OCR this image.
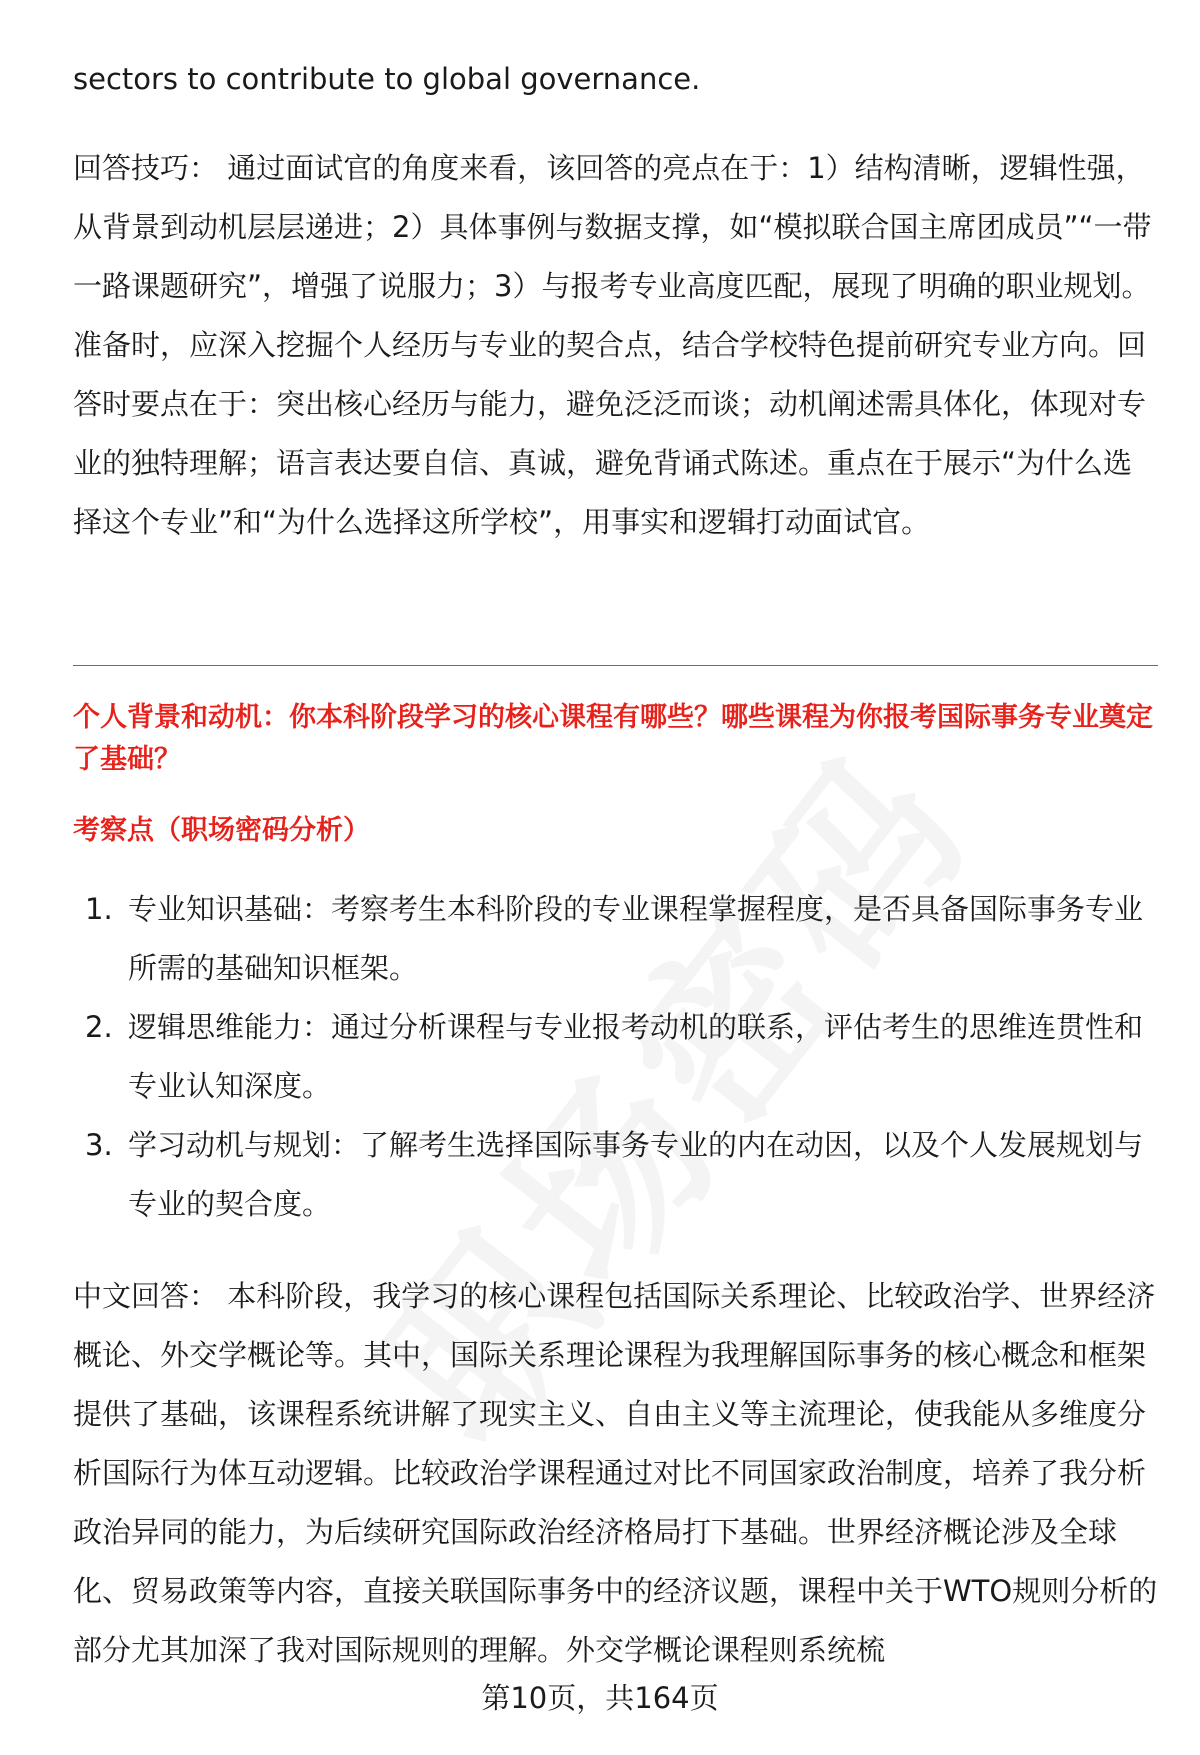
sectors to contribute to global governance.

回答技巧： 通过面试官的角度来看，该回答的亮点在于：1）结构清晰，逻辑性强，从背景到动机层层递进；2）具体事例与数据支撑，如“模拟联合国主席团成员”“一带一路课题研究”，增强了说服力；3）与报考专业高度匹配，展现了明确的职业规划。

准备时，应深入挖掘个人经历与专业的契合点，结合学校特色提前研究专业方向。回答时要点在于：突出核心经历与能力，避免泛泛而谈；动机阐述需具体化，体现对专业的独特理解；语言表达要自信、真诚，避免背诵式陈述。重点在于展示“为什么选择这个专业”和“为什么选择这所学校”，用事实和逻辑打动面试官。

个人背景和动机：你本科阶段学习的核心课程有哪些？哪些课程为你报考国际事务专业奠定了基础？

考察点（职场密码分析）

1. 专业知识基础：考察考生本科阶段的专业课程掌握程度，是否具备国际事务专业所需的基础知识框架。
2. 逻辑思维能力：通过分析课程与专业报考动机的联系，评估考生的思维连贯性和专业认知深度。
3. 学习动机与规划：了解考生选择国际事务专业的内在动因，以及个人发展规划与专业的契合度。

中文回答： 本科阶段，我学习的核心课程包括国际关系理论、比较政治学、世界经济概论、外交学概论等。其中，国际关系理论课程为我理解国际事务的核心概念和框架提供了基础，该课程系统讲解了现实主义、自由主义等主流理论，使我能从多维度分析国际行为体互动逻辑。比较政治学课程通过对比不同国家政治制度，培养了我分析政治异同的能力，为后续研究国际政治经济格局打下基础。世界经济概论涉及全球化、贸易政策等内容，直接关联国际事务中的经济议题，课程中关于WTO规则分析的部分尤其加深了我对国际规则的理解。外交学概论课程则系统梳

第10页，共164页
